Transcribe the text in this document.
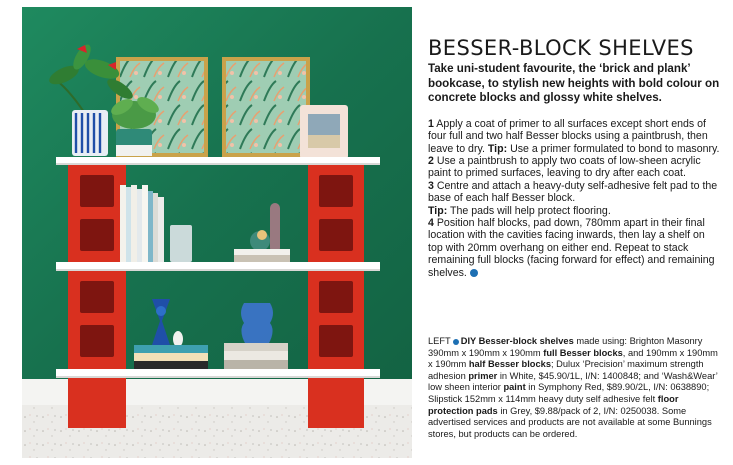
BESSER-BLOCK SHELVES

Take uni-student favourite, the ‘brick and plank’ bookcase, to stylish new heights with bold colour on concrete blocks and glossy white shelves.

1 Apply a coat of primer to all surfaces except short ends of four full and two half Besser blocks using a paintbrush, then leave to dry. Tip: Use a primer formulated to bond to masonry.
2 Use a paintbrush to apply two coats of low-sheen acrylic paint to primed surfaces, leaving to dry after each coat.
3 Centre and attach a heavy-duty self-adhesive felt pad to the base of each half Besser block.
Tip: The pads will help protect flooring.
4 Position half blocks, pad down, 780mm apart in their final location with the cavities facing inwards, then lay a shelf on top with 20mm overhang on either end. Repeat to stack remaining full blocks (facing forward for effect) and remaining shelves.
LEFT DIY Besser-block shelves made using: Brighton Masonry 390mm x 190mm x 190mm full Besser blocks, and 190mm x 190mm x 190mm half Besser blocks; Dulux ‘Precision’ maximum strength adhesion primer in White, $45.90/1L, I/N: 1400848; and ‘Wash&Wear’ low sheen interior paint in Symphony Red, $89.90/2L, I/N: 0638890; Slipstick 152mm x 114mm heavy duty self adhesive felt floor protection pads in Grey, $9.88/pack of 2, I/N: 0250038. Some advertised services and products are not available at some Bunnings stores, but products can be ordered.
